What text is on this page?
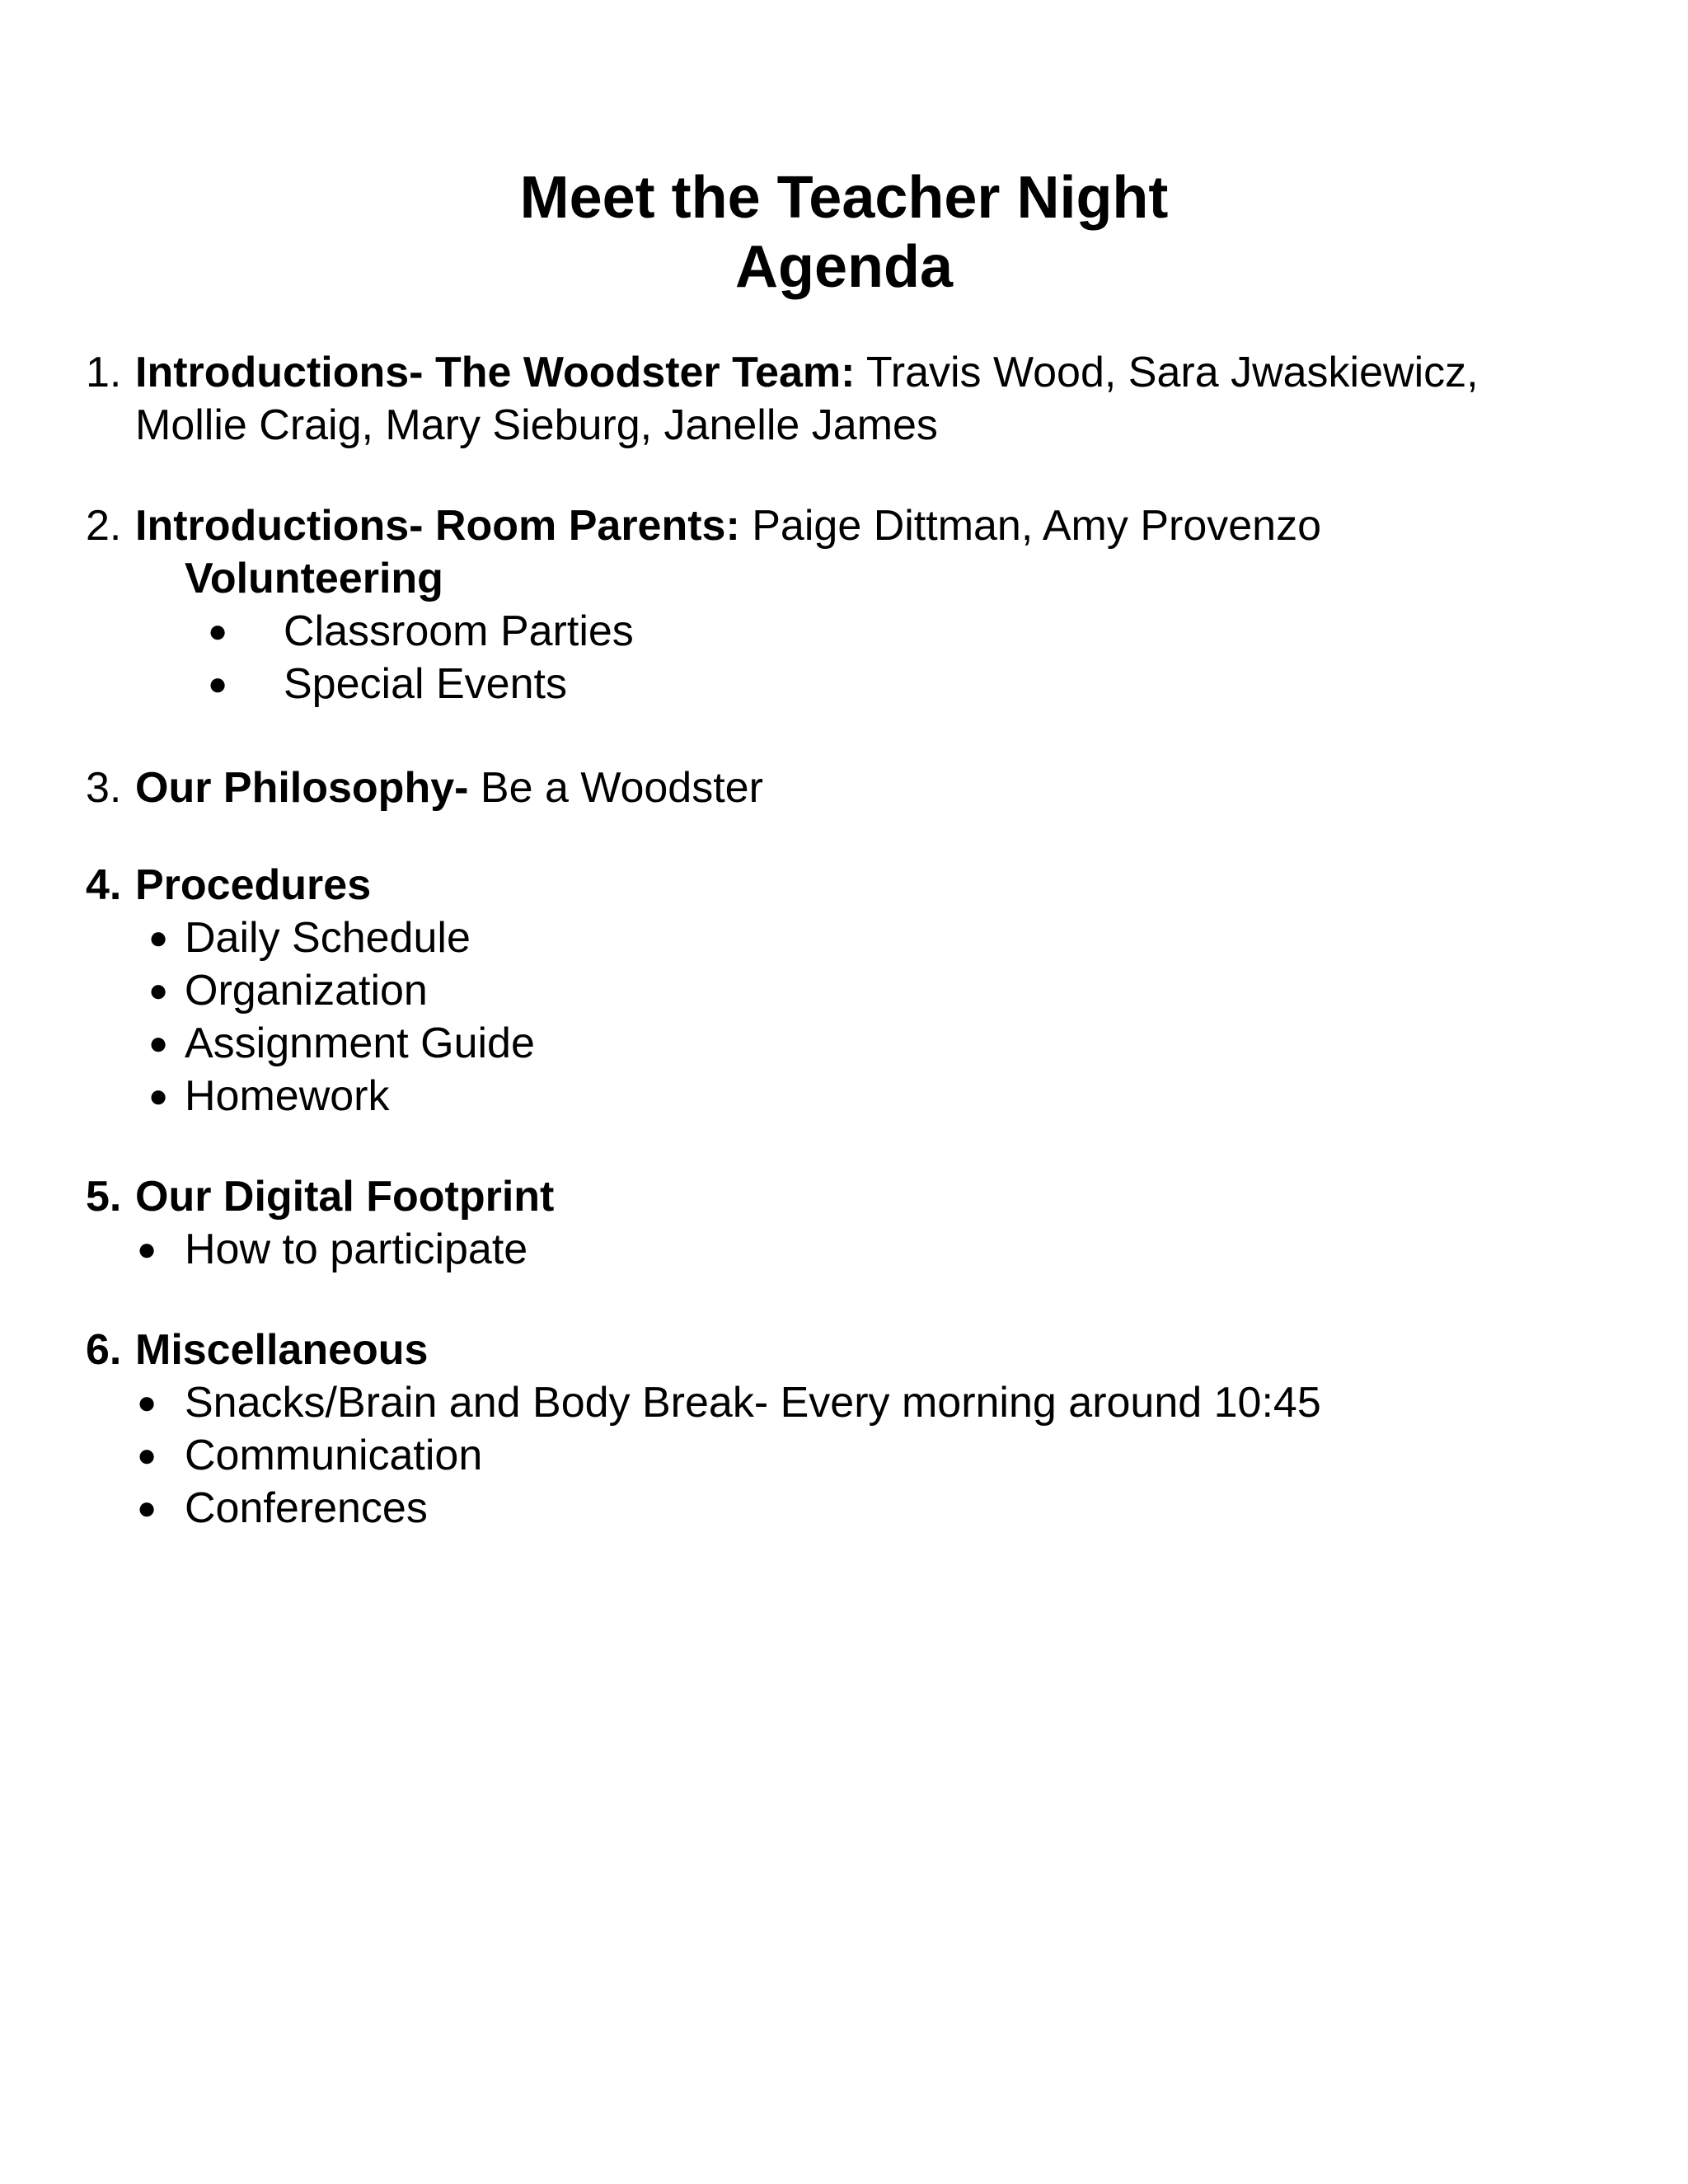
Meet the Teacher Night
Agenda
1. Introductions- The Woodster Team: Travis Wood, Sara Jwaskiewicz,
Mollie Craig, Mary Sieburg, Janelle James
2. Introductions- Room Parents: Paige Dittman, Amy Provenzo
Volunteering
● Classroom Parties
● Special Events
3. Our Philosophy- Be a Woodster
4. Procedures
● Daily Schedule
● Organization
● Assignment Guide
● Homework
5. Our Digital Footprint
● How to participate
6. Miscellaneous
● Snacks/Brain and Body Break- Every morning around 10:45
● Communication
● Conferences
